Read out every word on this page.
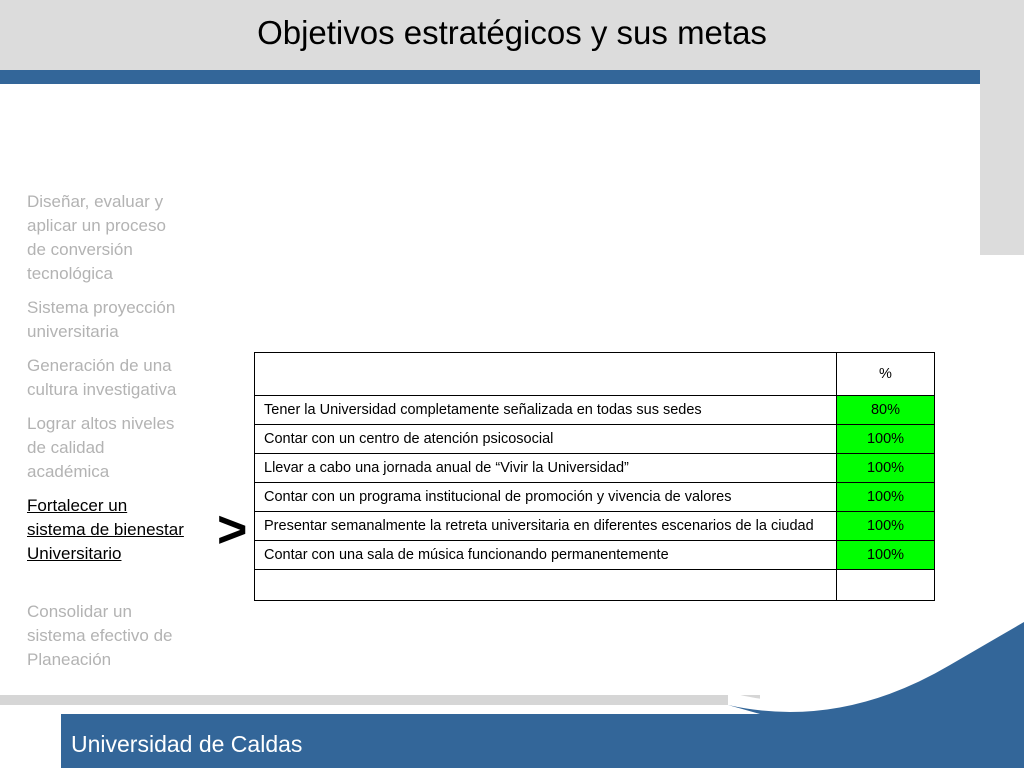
Objetivos estratégicos y sus metas
Universidad de Caldas
Diseñar, evaluar y
aplicar un proceso
de conversión
tecnológica
Sistema proyección
universitaria
Generación de una
cultura investigativa
Lograr altos niveles
de calidad
académica
Fortalecer un
sistema de bienestar
Universitario
Consolidar un
sistema efectivo de
Planeación
>
	%
Tener la Universidad completamente señalizada en todas sus sedes	80%
Contar con un centro de atención psicosocial	100%
Llevar a cabo una jornada anual de “Vivir la Universidad”	100%
Contar con un programa institucional de promoción y vivencia de valores	100%
Presentar semanalmente la retreta universitaria en diferentes escenarios de la ciudad	100%
Contar con una sala de música funcionando permanentemente	100%
